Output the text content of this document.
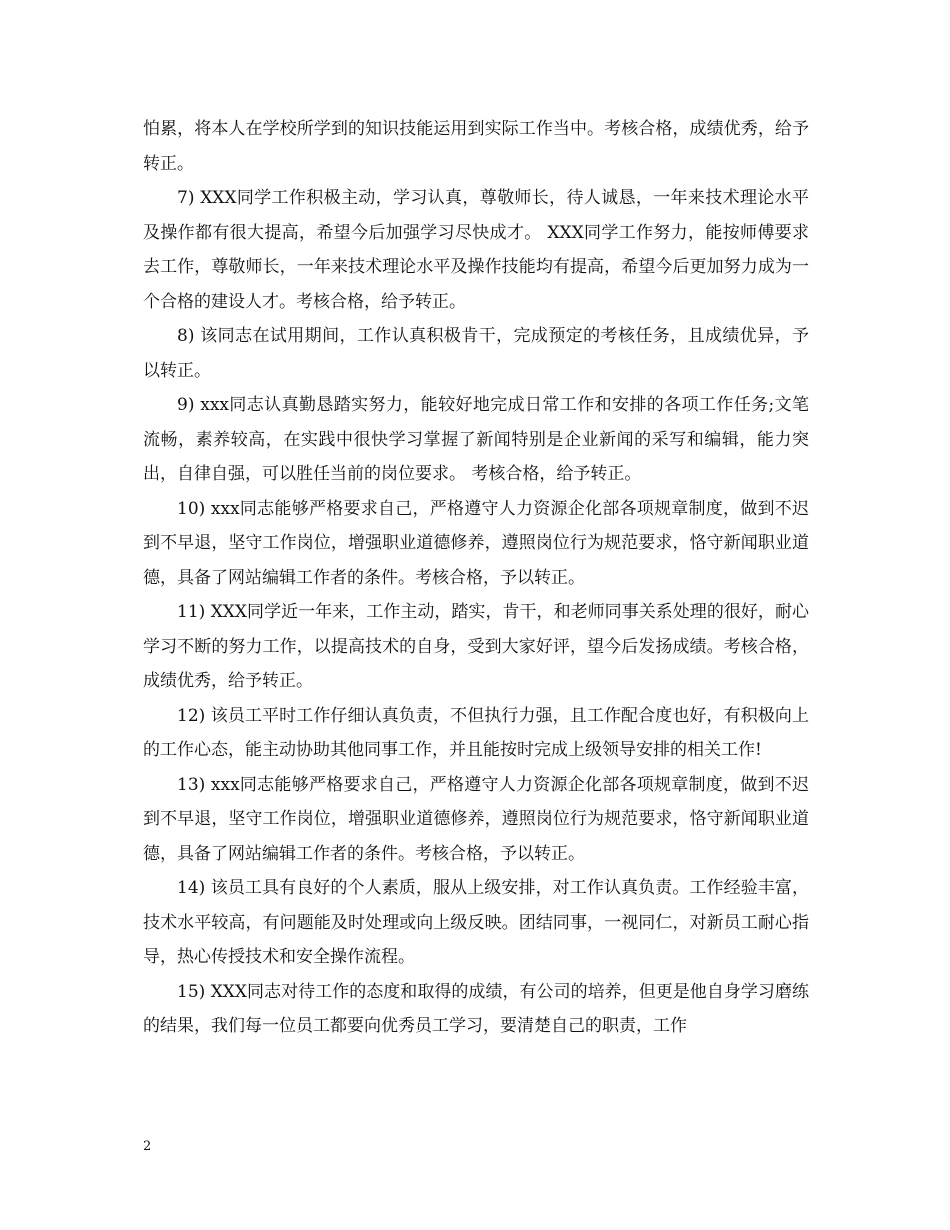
怕累，将本人在学校所学到的知识技能运用到实际工作当中。考核合格，成绩优秀，给予转正。

7) XXX同学工作积极主动，学习认真，尊敬师长，待人诚恳，一年来技术理论水平及操作都有很大提高，希望今后加强学习尽快成才。 XXX同学工作努力，能按师傅要求去工作，尊敬师长，一年来技术理论水平及操作技能均有提高，希望今后更加努力成为一个合格的建设人才。考核合格，给予转正。

8) 该同志在试用期间，工作认真积极肯干，完成预定的考核任务，且成绩优异，予以转正。

9) xxx同志认真勤恳踏实努力，能较好地完成日常工作和安排的各项工作任务;文笔流畅，素养较高，在实践中很快学习掌握了新闻特别是企业新闻的采写和编辑，能力突出，自律自强，可以胜任当前的岗位要求。 考核合格，给予转正。

10) xxx同志能够严格要求自己，严格遵守人力资源企化部各项规章制度，做到不迟到不早退，坚守工作岗位，增强职业道德修养，遵照岗位行为规范要求，恪守新闻职业道德，具备了网站编辑工作者的条件。考核合格，予以转正。

11) XXX同学近一年来，工作主动，踏实，肯干，和老师同事关系处理的很好，耐心学习不断的努力工作，以提高技术的自身，受到大家好评，望今后发扬成绩。考核合格，成绩优秀，给予转正。

12) 该员工平时工作仔细认真负责，不但执行力强，且工作配合度也好，有积极向上的工作心态，能主动协助其他同事工作，并且能按时完成上级领导安排的相关工作!

13) xxx同志能够严格要求自己，严格遵守人力资源企化部各项规章制度，做到不迟到不早退，坚守工作岗位，增强职业道德修养，遵照岗位行为规范要求，恪守新闻职业道德，具备了网站编辑工作者的条件。考核合格，予以转正。

14) 该员工具有良好的个人素质，服从上级安排，对工作认真负责。工作经验丰富，技术水平较高，有问题能及时处理或向上级反映。团结同事，一视同仁，对新员工耐心指导，热心传授技术和安全操作流程。

15) XXX同志对待工作的态度和取得的成绩，有公司的培养，但更是他自身学习磨练的结果，我们每一位员工都要向优秀员工学习，要清楚自己的职责，工作

2
